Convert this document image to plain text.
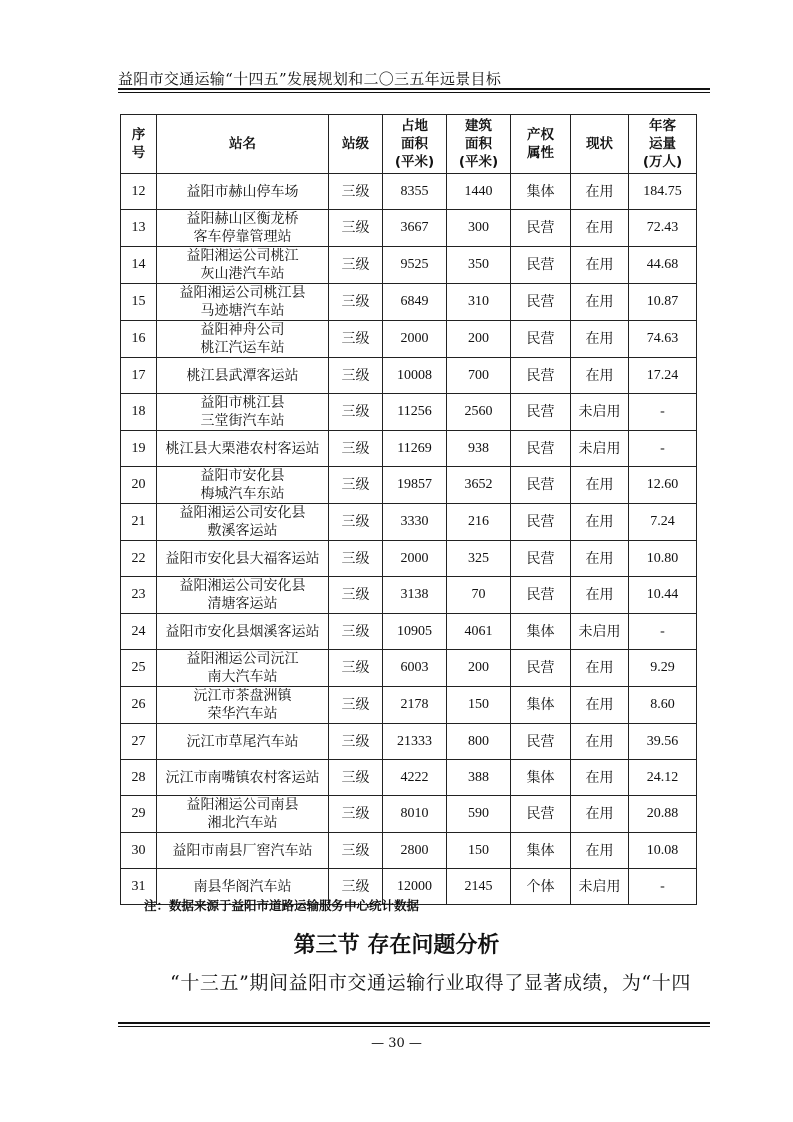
益阳市交通运输“十四五”发展规划和二〇三五年远景目标
序
号	站名	站级	占地
面积
(平米)	建筑
面积
(平米)	产权
属性	现状	年客
运量
(万人)
12	益阳市赫山停车场	三级	8355	1440	集体	在用	184.75
13	益阳赫山区衡龙桥
客车停靠管理站	三级	3667	300	民营	在用	72.43
14	益阳湘运公司桃江
灰山港汽车站	三级	9525	350	民营	在用	44.68
15	益阳湘运公司桃江县
马迹塘汽车站	三级	6849	310	民营	在用	10.87
16	益阳神舟公司
桃江汽运车站	三级	2000	200	民营	在用	74.63
17	桃江县武潭客运站	三级	10008	700	民营	在用	17.24
18	益阳市桃江县
三堂街汽车站	三级	11256	2560	民营	未启用	-
19	桃江县大栗港农村客运站	三级	11269	938	民营	未启用	-
20	益阳市安化县
梅城汽车东站	三级	19857	3652	民营	在用	12.60
21	益阳湘运公司安化县
敷溪客运站	三级	3330	216	民营	在用	7.24
22	益阳市安化县大福客运站	三级	2000	325	民营	在用	10.80
23	益阳湘运公司安化县
清塘客运站	三级	3138	70	民营	在用	10.44
24	益阳市安化县烟溪客运站	三级	10905	4061	集体	未启用	-
25	益阳湘运公司沅江
南大汽车站	三级	6003	200	民营	在用	9.29
26	沅江市茶盘洲镇
荣华汽车站	三级	2178	150	集体	在用	8.60
27	沅江市草尾汽车站	三级	21333	800	民营	在用	39.56
28	沅江市南嘴镇农村客运站	三级	4222	388	集体	在用	24.12
29	益阳湘运公司南县
湘北汽车站	三级	8010	590	民营	在用	20.88
30	益阳市南县厂窖汽车站	三级	2800	150	集体	在用	10.08
31	南县华阁汽车站	三级	12000	2145	个体	未启用	-
注：数据来源于益阳市道路运输服务中心统计数据
第三节 存在问题分析
“十三五”期间益阳市交通运输行业取得了显著成绩，为“十四
— 30 —
